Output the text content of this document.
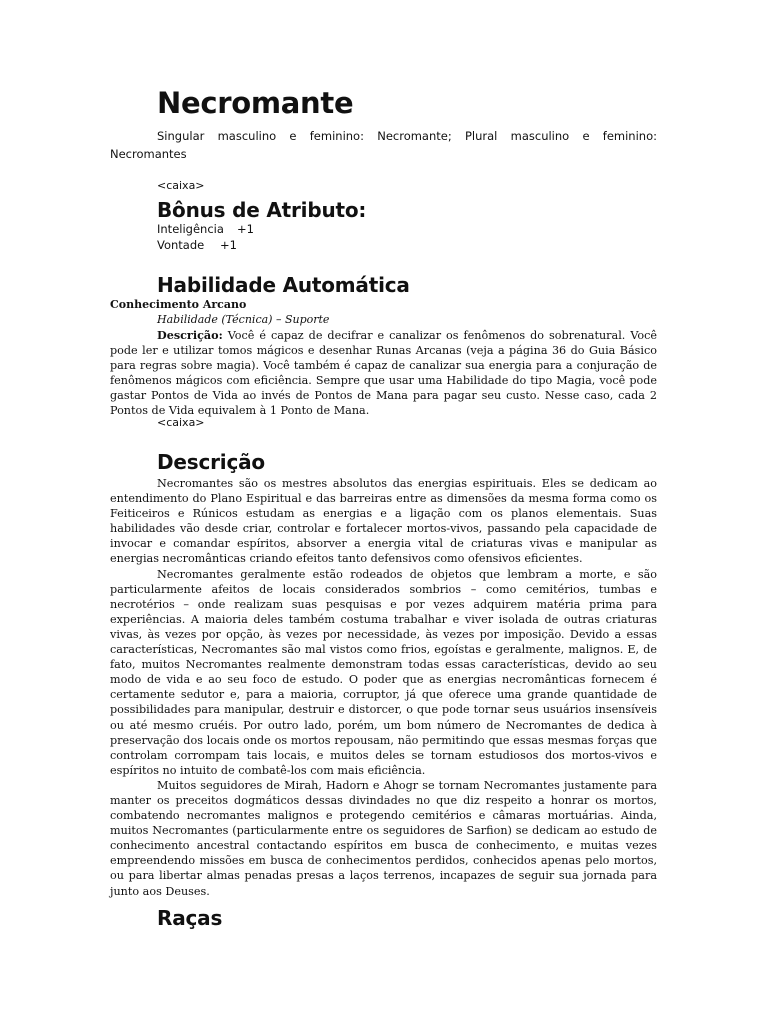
Necromante

Singular masculino e feminino: Necromante; Plural masculino e feminino: Necromantes

<caixa>

Bônus de Atributo:
Inteligência +1
Vontade +1
Habilidade Automática

Conhecimento Arcano

Habilidade (Técnica) – Suporte

Descrição: Você é capaz de decifrar e canalizar os fenômenos do sobrenatural. Você pode ler e utilizar tomos mágicos e desenhar Runas Arcanas (veja a página 36 do Guia Básico para regras sobre magia). Você também é capaz de canalizar sua energia para a conjuração de fenômenos mágicos com eficiência. Sempre que usar uma Habilidade do tipo Magia, você pode gastar Pontos de Vida ao invés de Pontos de Mana para pagar seu custo. Nesse caso, cada 2 Pontos de Vida equivalem à 1 Ponto de Mana.

<caixa>

Descrição

Necromantes são os mestres absolutos das energias espirituais. Eles se dedicam ao entendimento do Plano Espiritual e das barreiras entre as dimensões da mesma forma como os Feiticeiros e Rúnicos estudam as energias e a ligação com os planos elementais. Suas habilidades vão desde criar, controlar e fortalecer mortos-vivos, passando pela capacidade de invocar e comandar espíritos, absorver a energia vital de criaturas vivas e manipular as energias necromânticas criando efeitos tanto defensivos como ofensivos eficientes.

Necromantes geralmente estão rodeados de objetos que lembram a morte, e são particularmente afeitos de locais considerados sombrios – como cemitérios, tumbas e necrotérios – onde realizam suas pesquisas e por vezes adquirem matéria prima para experiências. A maioria deles também costuma trabalhar e viver isolada de outras criaturas vivas, às vezes por opção, às vezes por necessidade, às vezes por imposição. Devido a essas características, Necromantes são mal vistos como frios, egoístas e geralmente, malignos. E, de fato, muitos Necromantes realmente demonstram todas essas características, devido ao seu modo de vida e ao seu foco de estudo. O poder que as energias necromânticas fornecem é certamente sedutor e, para a maioria, corruptor, já que oferece uma grande quantidade de possibilidades para manipular, destruir e distorcer, o que pode tornar seus usuários insensíveis ou até mesmo cruéis. Por outro lado, porém, um bom número de Necromantes de dedica à preservação dos locais onde os mortos repousam, não permitindo que essas mesmas forças que controlam corrompam tais locais, e muitos deles se tornam estudiosos dos mortos-vivos e espíritos no intuito de combatê-los com mais eficiência.

Muitos seguidores de Mirah, Hadorn e Ahogr se tornam Necromantes justamente para manter os preceitos dogmáticos dessas divindades no que diz respeito a honrar os mortos, combatendo necromantes malignos e protegendo cemitérios e câmaras mortuárias. Ainda, muitos Necromantes (particularmente entre os seguidores de Sarfion) se dedicam ao estudo de conhecimento ancestral contactando espíritos em busca de conhecimento, e muitas vezes empreendendo missões em busca de conhecimentos perdidos, conhecidos apenas pelo mortos, ou para libertar almas penadas presas a laços terrenos, incapazes de seguir sua jornada para junto aos Deuses.

Raças
